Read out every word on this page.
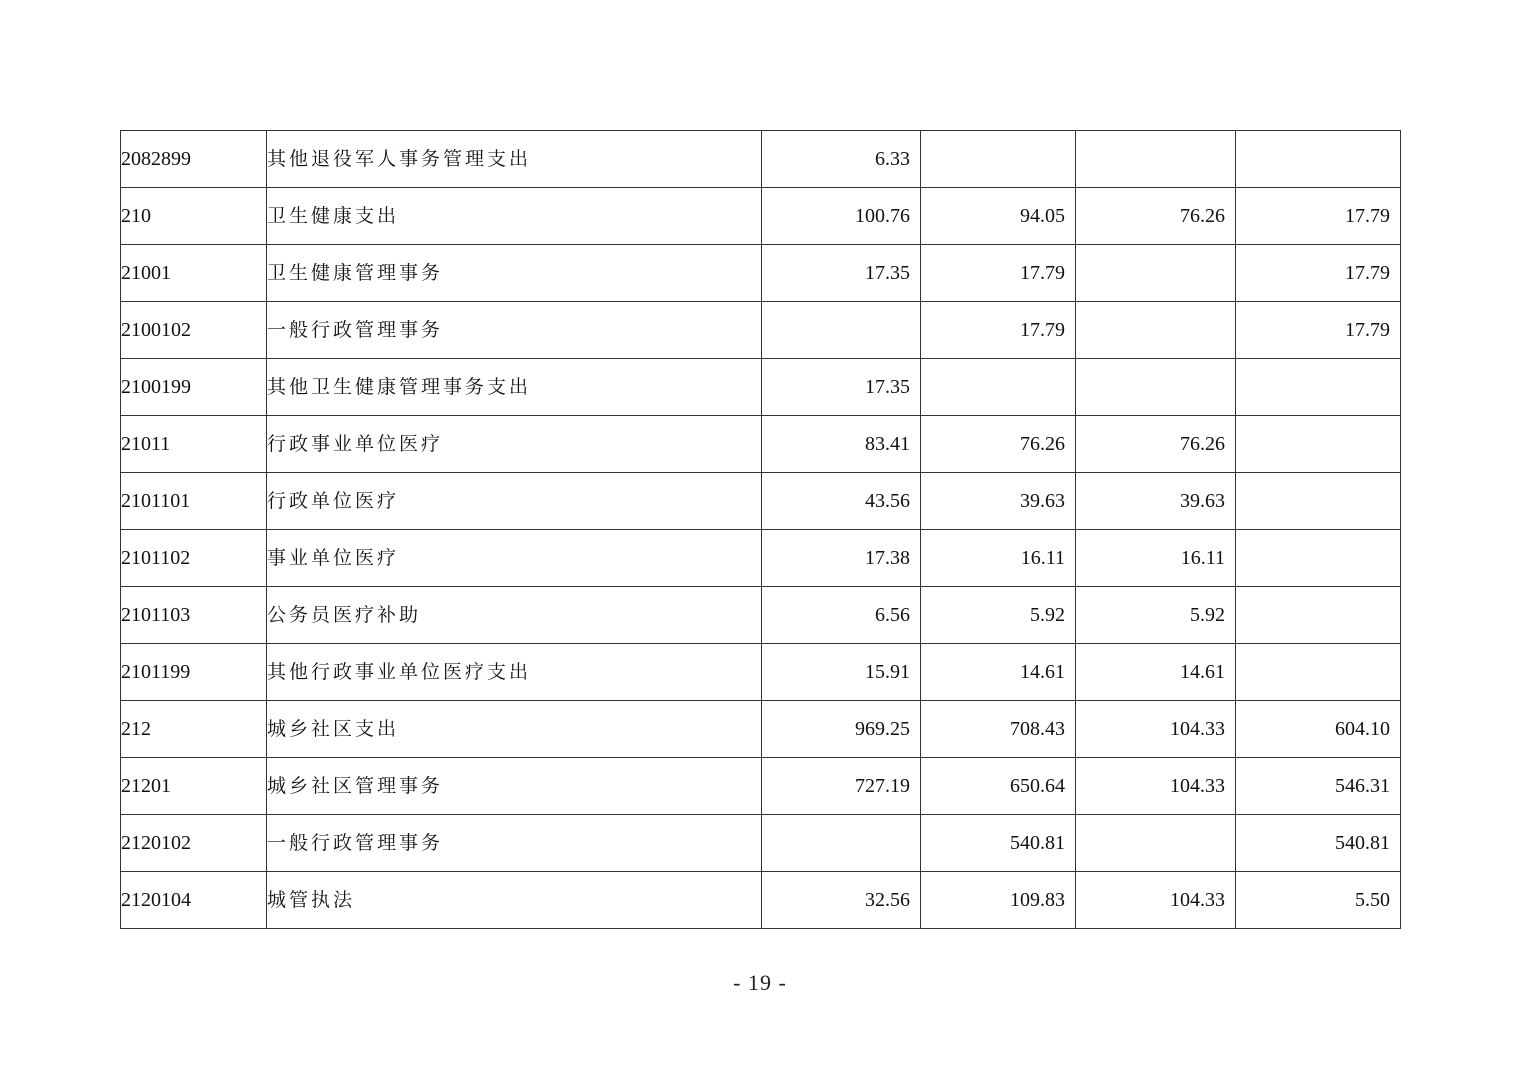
2082899	其他退役军人事务管理支出	6.33			
210	卫生健康支出	100.76	94.05	76.26	17.79
21001	卫生健康管理事务	17.35	17.79		17.79
2100102	一般行政管理事务		17.79		17.79
2100199	其他卫生健康管理事务支出	17.35			
21011	行政事业单位医疗	83.41	76.26	76.26	
2101101	行政单位医疗	43.56	39.63	39.63	
2101102	事业单位医疗	17.38	16.11	16.11	
2101103	公务员医疗补助	6.56	5.92	5.92	
2101199	其他行政事业单位医疗支出	15.91	14.61	14.61	
212	城乡社区支出	969.25	708.43	104.33	604.10
21201	城乡社区管理事务	727.19	650.64	104.33	546.31
2120102	一般行政管理事务		540.81		540.81
2120104	城管执法	32.56	109.83	104.33	5.50
- 19 -
